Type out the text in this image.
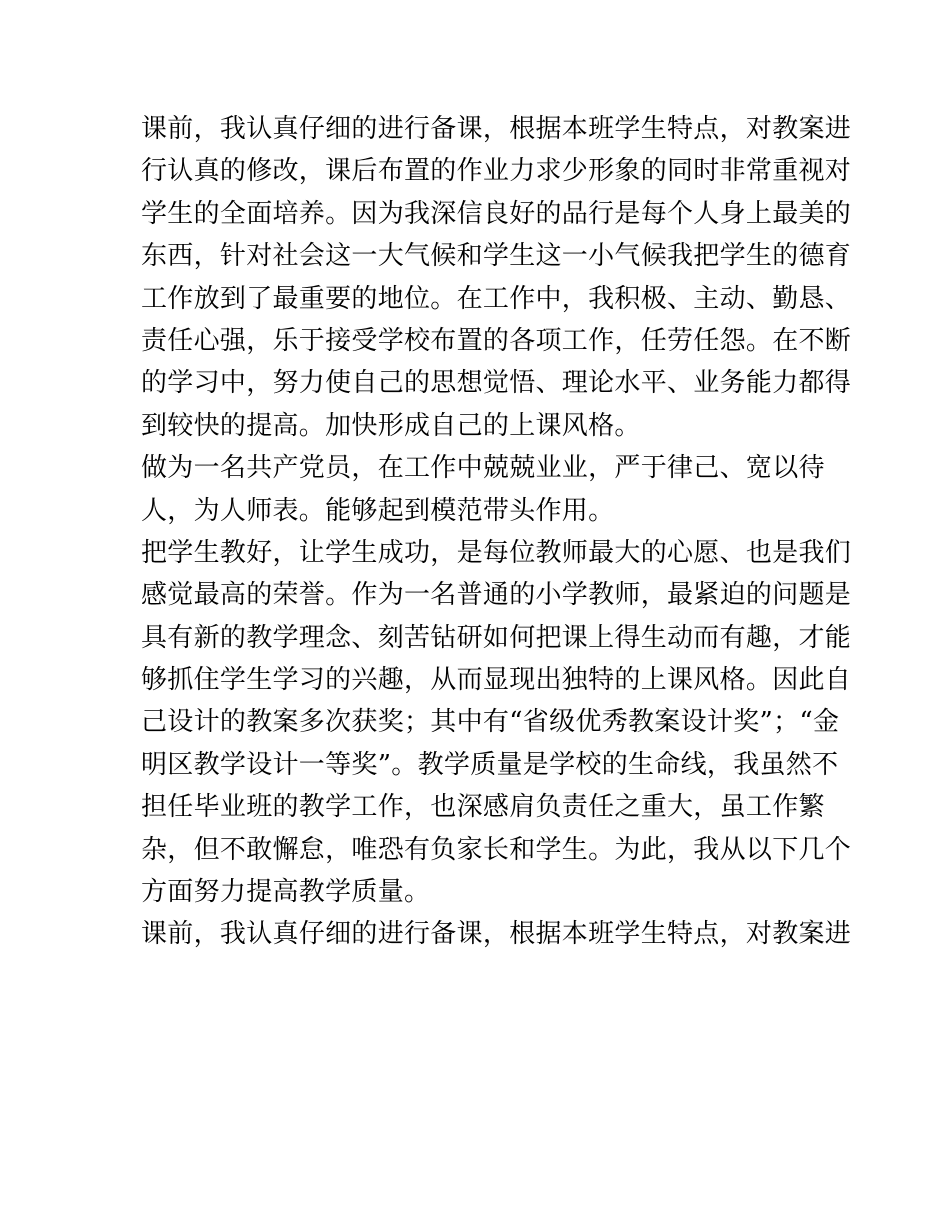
课前，我认真仔细的进行备课，根据本班学生特点，对教案进
行认真的修改，课后布置的作业力求少形象的同时非常重视对
学生的全面培养。因为我深信良好的品行是每个人身上最美的
东西，针对社会这一大气候和学生这一小气候我把学生的德育
工作放到了最重要的地位。在工作中，我积极、主动、勤恳、
责任心强，乐于接受学校布置的各项工作，任劳任怨。在不断
的学习中，努力使自己的思想觉悟、理论水平、业务能力都得
到较快的提高。加快形成自己的上课风格。

做为一名共产党员，在工作中兢兢业业，严于律己、宽以待
人，为人师表。能够起到模范带头作用。

把学生教好，让学生成功，是每位教师最大的心愿、也是我们
感觉最高的荣誉。作为一名普通的小学教师，最紧迫的问题是
具有新的教学理念、刻苦钻研如何把课上得生动而有趣，才能
够抓住学生学习的兴趣，从而显现出独特的上课风格。因此自
己设计的教案多次获奖；其中有“省级优秀教案设计奖”；“金
明区教学设计一等奖”。教学质量是学校的生命线，我虽然不
担任毕业班的教学工作，也深感肩负责任之重大，虽工作繁
杂，但不敢懈怠，唯恐有负家长和学生。为此，我从以下几个
方面努力提高教学质量。

课前，我认真仔细的进行备课，根据本班学生特点，对教案进
